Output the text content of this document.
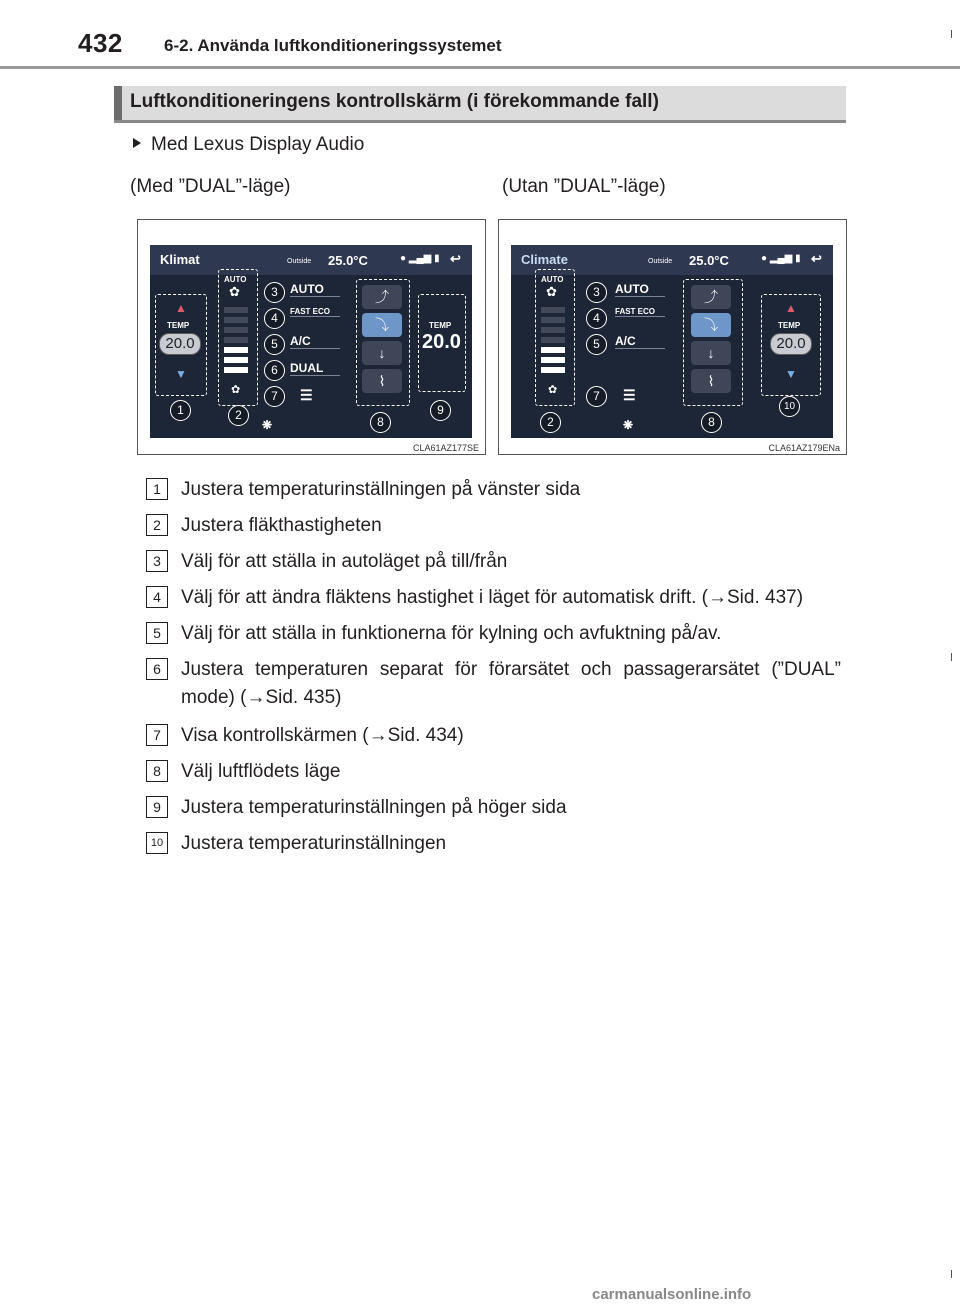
432 6-2. Använda luftkonditioneringssystemet
Luftkonditioneringens kontrollskärm (i förekommande fall)
Med Lexus Display Audio
(Med ”DUAL”-läge)	(Utan ”DUAL”-läge)
Klimat	Outside 25.0°C	● ▂▄▆ ▮ ↩
▲
TEMP
20.0
▼
AUTO
✿
✿
AUTO
FAST ECO
A/C
DUAL
☰
❋
⤴
⤵
↓
⌇
TEMP
20.0
1	2
3
4
5
6
7
8
9
CLA61AZ177SE
Climate	Outside 25.0°C	● ▂▄▆ ▮ ↩
AUTO
✿
✿
AUTO
FAST ECO
A/C
☰
❋
⤴
⤵
↓
⌇
▲
TEMP
20.0
▼
2
3
4
5
7
8
10
CLA61AZ179ENa
1	Justera temperaturinställningen på vänster sida
2	Justera fläkthastigheten
3	Välj för att ställa in autoläget på till/från
4	Välj för att ändra fläktens hastighet i läget för automatisk drift. (→Sid. 437)
5	Välj för att ställa in funktionerna för kylning och avfuktning på/av.
6	Justera temperaturen separat för förarsätet och passagerarsätet (”DUAL” mode) (→Sid. 435)
7	Visa kontrollskärmen (→Sid. 434)
8	Välj luftflödets läge
9	Justera temperaturinställningen på höger sida
10 Justera temperaturinställningen
carmanualsonline.info
